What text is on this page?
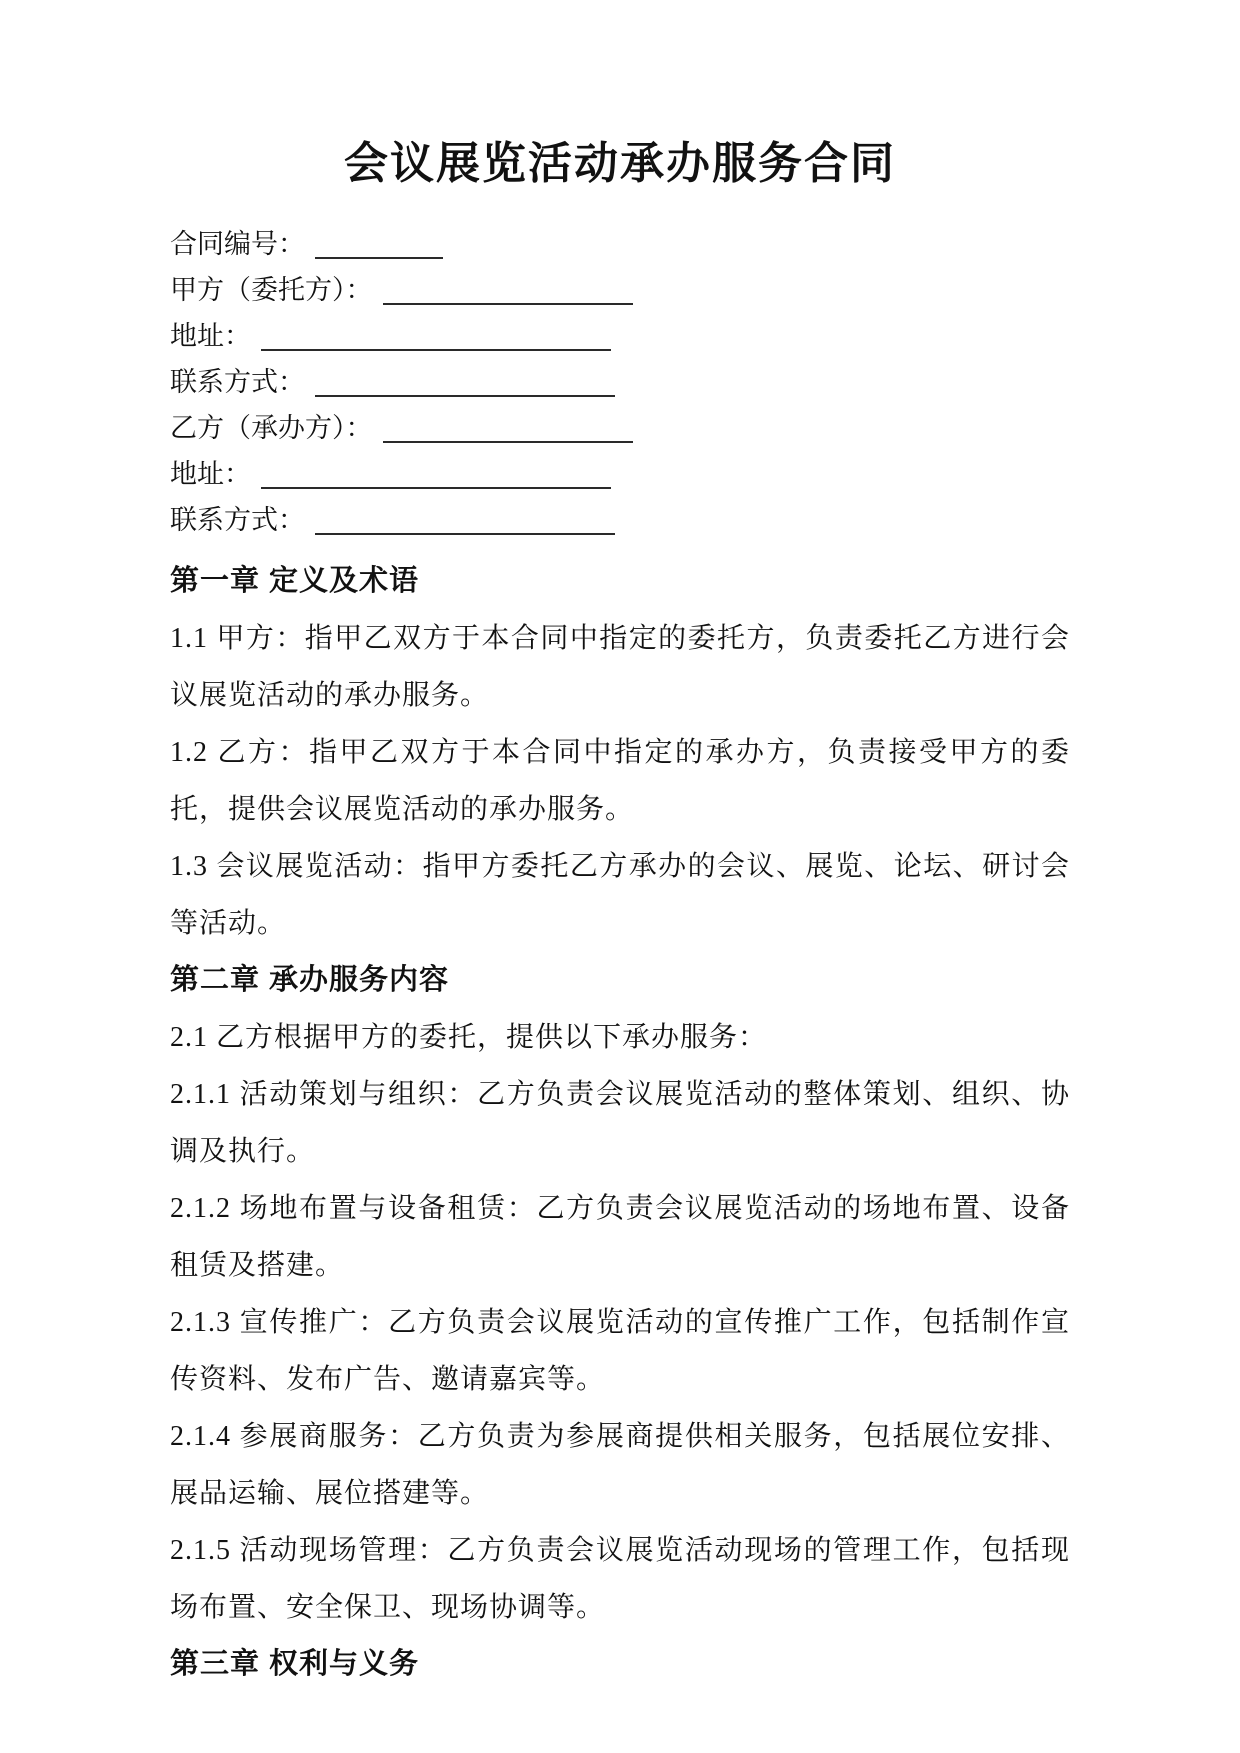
会议展览活动承办服务合同
合同编号：
甲方（委托方）：
地址：
联系方式：
乙方（承办方）：
地址：
联系方式：
第一章 定义及术语

1.1 甲方：指甲乙双方于本合同中指定的委托方，负责委托乙方进行会议展览活动的承办服务。

1.2 乙方：指甲乙双方于本合同中指定的承办方，负责接受甲方的委托，提供会议展览活动的承办服务。

1.3 会议展览活动：指甲方委托乙方承办的会议、展览、论坛、研讨会等活动。

第二章 承办服务内容

2.1 乙方根据甲方的委托，提供以下承办服务：

2.1.1 活动策划与组织：乙方负责会议展览活动的整体策划、组织、协调及执行。

2.1.2 场地布置与设备租赁：乙方负责会议展览活动的场地布置、设备租赁及搭建。

2.1.3 宣传推广：乙方负责会议展览活动的宣传推广工作，包括制作宣传资料、发布广告、邀请嘉宾等。

2.1.4 参展商服务：乙方负责为参展商提供相关服务，包括展位安排、展品运输、展位搭建等。

2.1.5 活动现场管理：乙方负责会议展览活动现场的管理工作，包括现场布置、安全保卫、现场协调等。

第三章 权利与义务
